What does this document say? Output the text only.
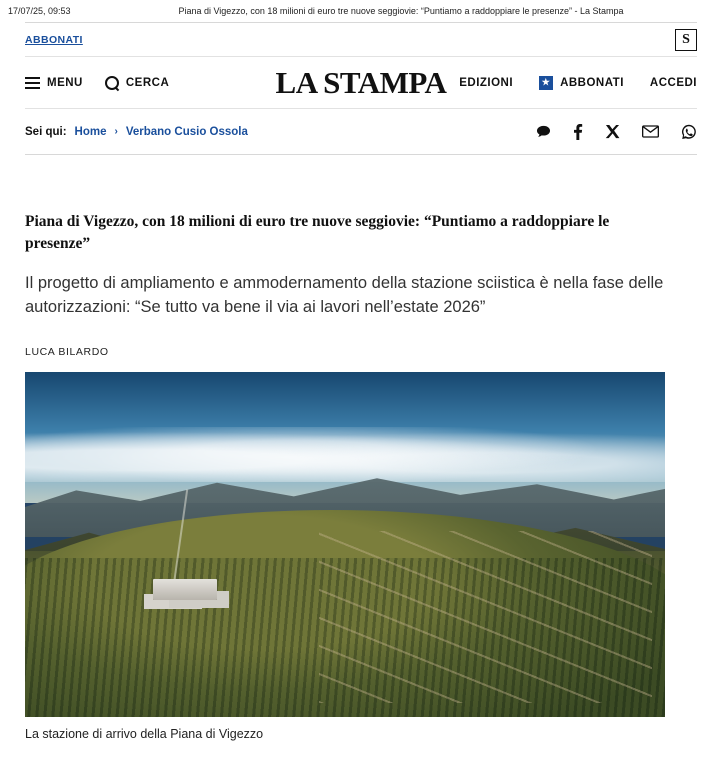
17/07/25, 09:53	Piana di Vigezzo, con 18 milioni di euro tre nuove seggiovie: “Puntiamo a raddoppiare le presenze” - La Stampa
ABBONATI	S
MENU	CERCA	EDIZIONI	★ ABBONATI ACCEDI
LA STAMPA
Sei qui: Home › Verbano Cusio Ossola
Piana di Vigezzo, con 18 milioni di euro tre nuove seggiovie: “Puntiamo a raddoppiare le presenze”

Il progetto di ampliamento e ammodernamento della stazione sciistica è nella fase delle autorizzazioni: “Se tutto va bene il via ai lavori nell’estate 2026”

LUCA BILARDO
La stazione di arrivo della Piana di Vigezzo
